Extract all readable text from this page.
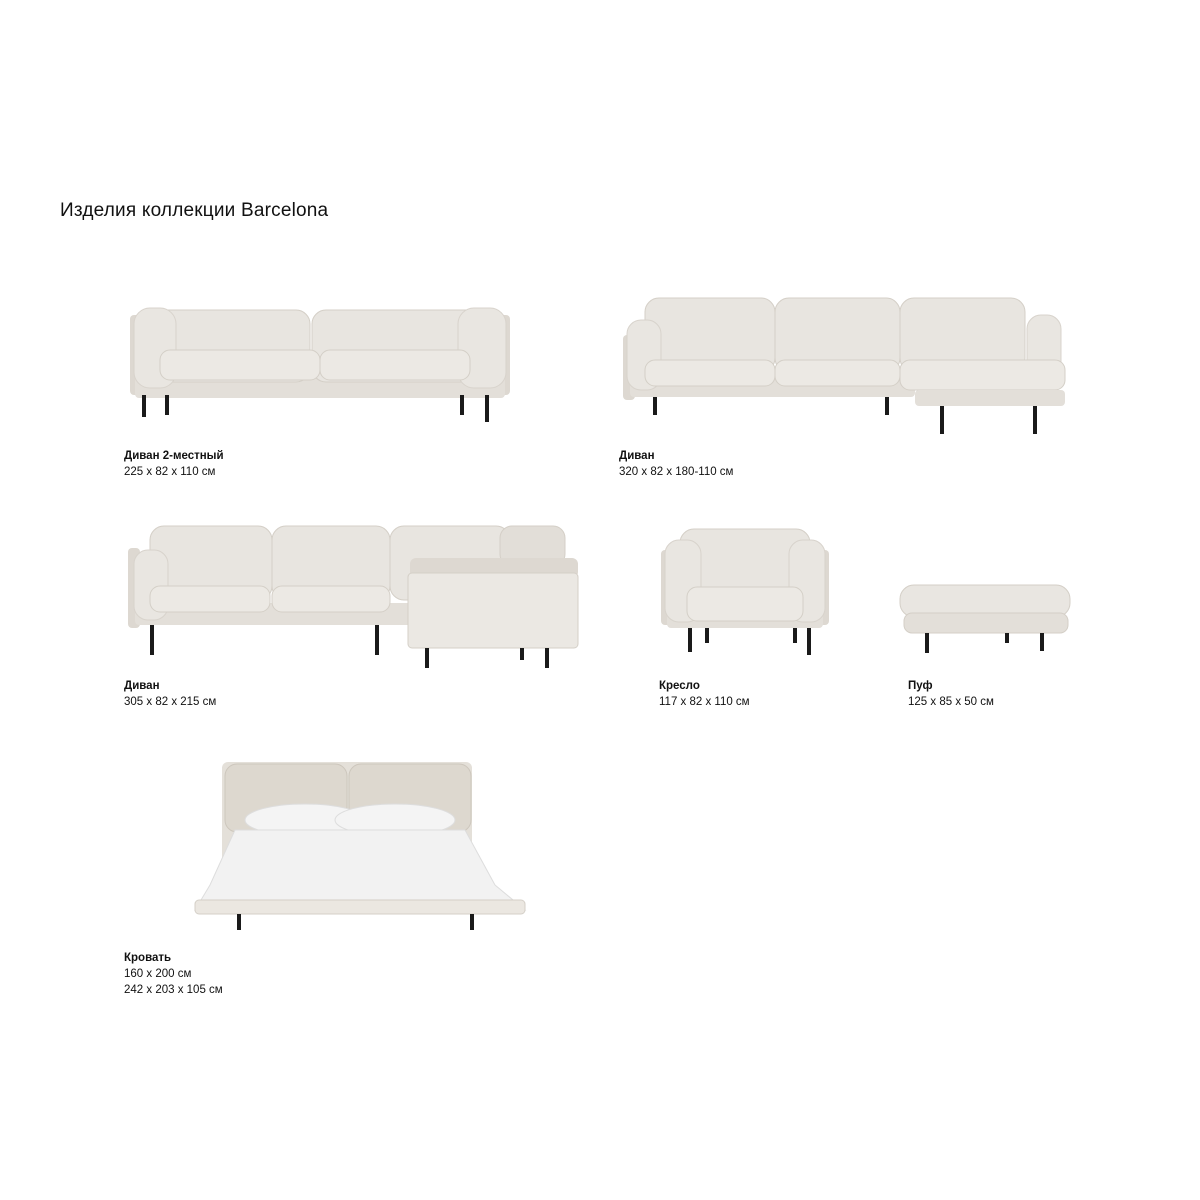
Изделия коллекции Barcelona
Диван 2-местный
225 x 82 x 110 см
Диван
320 x 82 x 180-110 см
Диван
305 x 82 x 215 см
Кресло
117 x 82 x 110 см
Пуф
125 x 85 x 50 см
Кровать
160 x 200 см
242 x 203 x 105 см
